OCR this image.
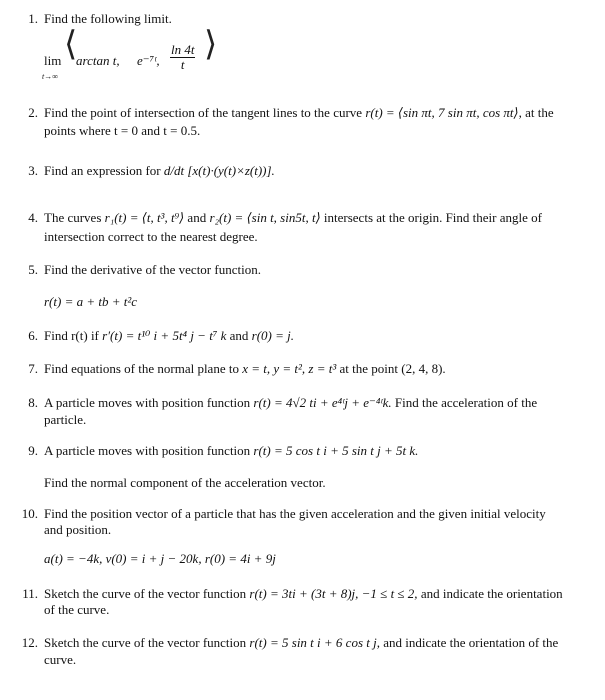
1. Find the following limit.
lim
t→∞
⟨
arctan t, e⁻⁷ᵗ, $\frac{\ln 4t}{t}$ ⟩
2. Find the point of intersection of the tangent lines to the curve r(t) = ⟨sin πt, 7 sin πt, cos πt⟩, at the
points where t = 0 and t = 0.5.
3. Find an expression for d/dt [x(t)·(y(t)×z(t))].
4. The curves r₁(t) = ⟨t, t³, t⁹⟩ and r₂(t) = ⟨sin t, sin5t, t⟩ intersects at the origin. Find their angle of
intersection correct to the nearest degree.
5. Find the derivative of the vector function.
r(t) = a + tb + t²c
6. Find r(t) if r′(t) = t¹⁰ i + 5t⁴ j − t⁷ k and r(0) = j.
7. Find equations of the normal plane to x = t, y = t², z = t³ at the point (2, 4, 8).
8. A particle moves with position function r(t) = 4√2 ti + e⁴ᵗj + e⁻⁴ᵗk. Find the acceleration of the
particle.
9. A particle moves with position function r(t) = 5 cos t i + 5 sin t j + 5t k.
Find the normal component of the acceleration vector.
10. Find the position vector of a particle that has the given acceleration and the given initial velocity
and position.
a(t) = −4k, v(0) = i + j − 20k, r(0) = 4i + 9j
11. Sketch the curve of the vector function r(t) = 3ti + (3t + 8)j, −1 ≤ t ≤ 2, and indicate the orientation
of the curve.
12. Sketch the curve of the vector function r(t) = 5 sin t i + 6 cos t j, and indicate the orientation of the
curve.
